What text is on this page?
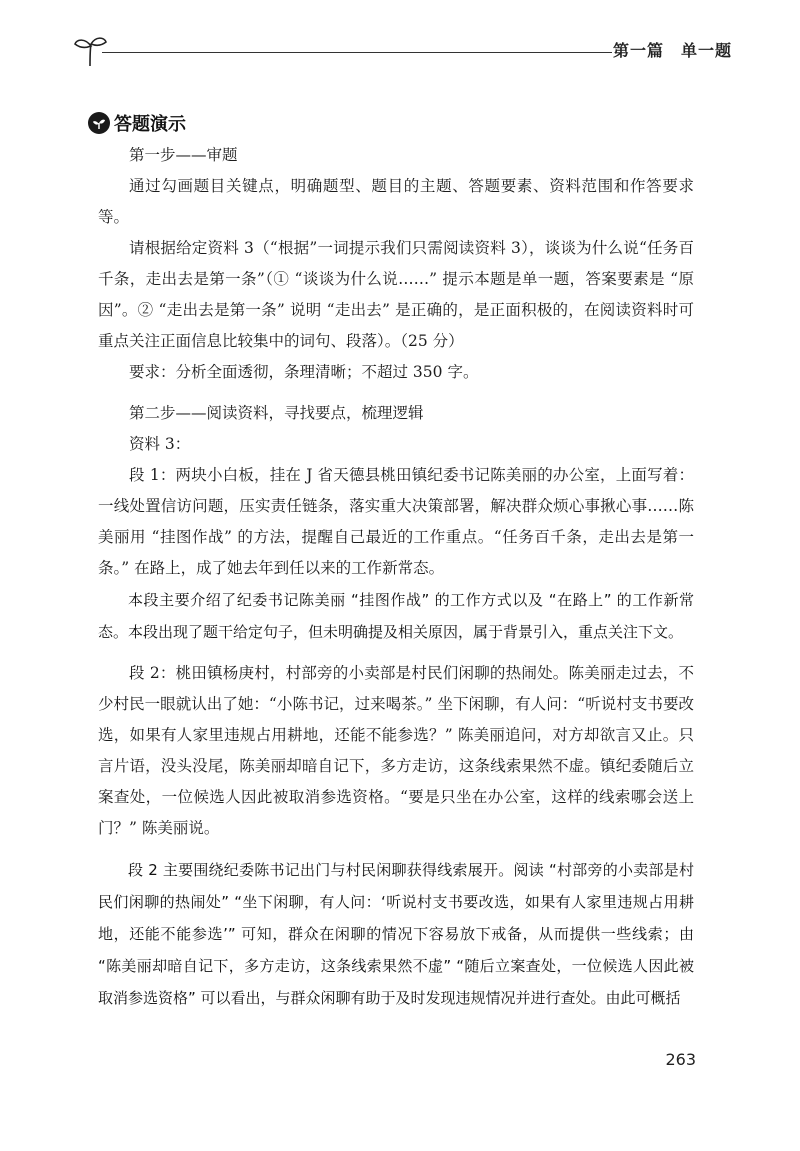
第一篇　单一题
答题演示

第一步——审题

通过勾画题目关键点，明确题型、题目的主题、答题要素、资料范围和作答要求等。

请根据给定资料 3（“根据”一词提示我们只需阅读资料 3），谈谈为什么说“任务百千条，走出去是第一条”（① “谈谈为什么说……” 提示本题是单一题，答案要素是 “原因”。② “走出去是第一条” 说明 “走出去” 是正确的，是正面积极的，在阅读资料时可重点关注正面信息比较集中的词句、段落）。（25 分）

要求：分析全面透彻，条理清晰；不超过 350 字。

第二步——阅读资料，寻找要点，梳理逻辑

资料 3：

段 1：两块小白板，挂在 J 省天德县桃田镇纪委书记陈美丽的办公室，上面写着：一线处置信访问题，压实责任链条，落实重大决策部署，解决群众烦心事揪心事……陈美丽用 “挂图作战” 的方法，提醒自己最近的工作重点。“任务百千条，走出去是第一条。” 在路上，成了她去年到任以来的工作新常态。

本段主要介绍了纪委书记陈美丽 “挂图作战” 的工作方式以及 “在路上” 的工作新常态。本段出现了题干给定句子，但未明确提及相关原因，属于背景引入，重点关注下文。

段 2：桃田镇杨庚村，村部旁的小卖部是村民们闲聊的热闹处。陈美丽走过去，不少村民一眼就认出了她：“小陈书记，过来喝茶。” 坐下闲聊，有人问：“听说村支书要改选，如果有人家里违规占用耕地，还能不能参选？” 陈美丽追问，对方却欲言又止。只言片语，没头没尾，陈美丽却暗自记下，多方走访，这条线索果然不虚。镇纪委随后立案查处，一位候选人因此被取消参选资格。“要是只坐在办公室，这样的线索哪会送上门？” 陈美丽说。

段 2 主要围绕纪委陈书记出门与村民闲聊获得线索展开。阅读 “村部旁的小卖部是村民们闲聊的热闹处” “坐下闲聊，有人问：‘听说村支书要改选，如果有人家里违规占用耕地，还能不能参选’” 可知，群众在闲聊的情况下容易放下戒备，从而提供一些线索；由 “陈美丽却暗自记下，多方走访，这条线索果然不虚” “随后立案查处，一位候选人因此被取消参选资格” 可以看出，与群众闲聊有助于及时发现违规情况并进行查处。由此可概括

263
